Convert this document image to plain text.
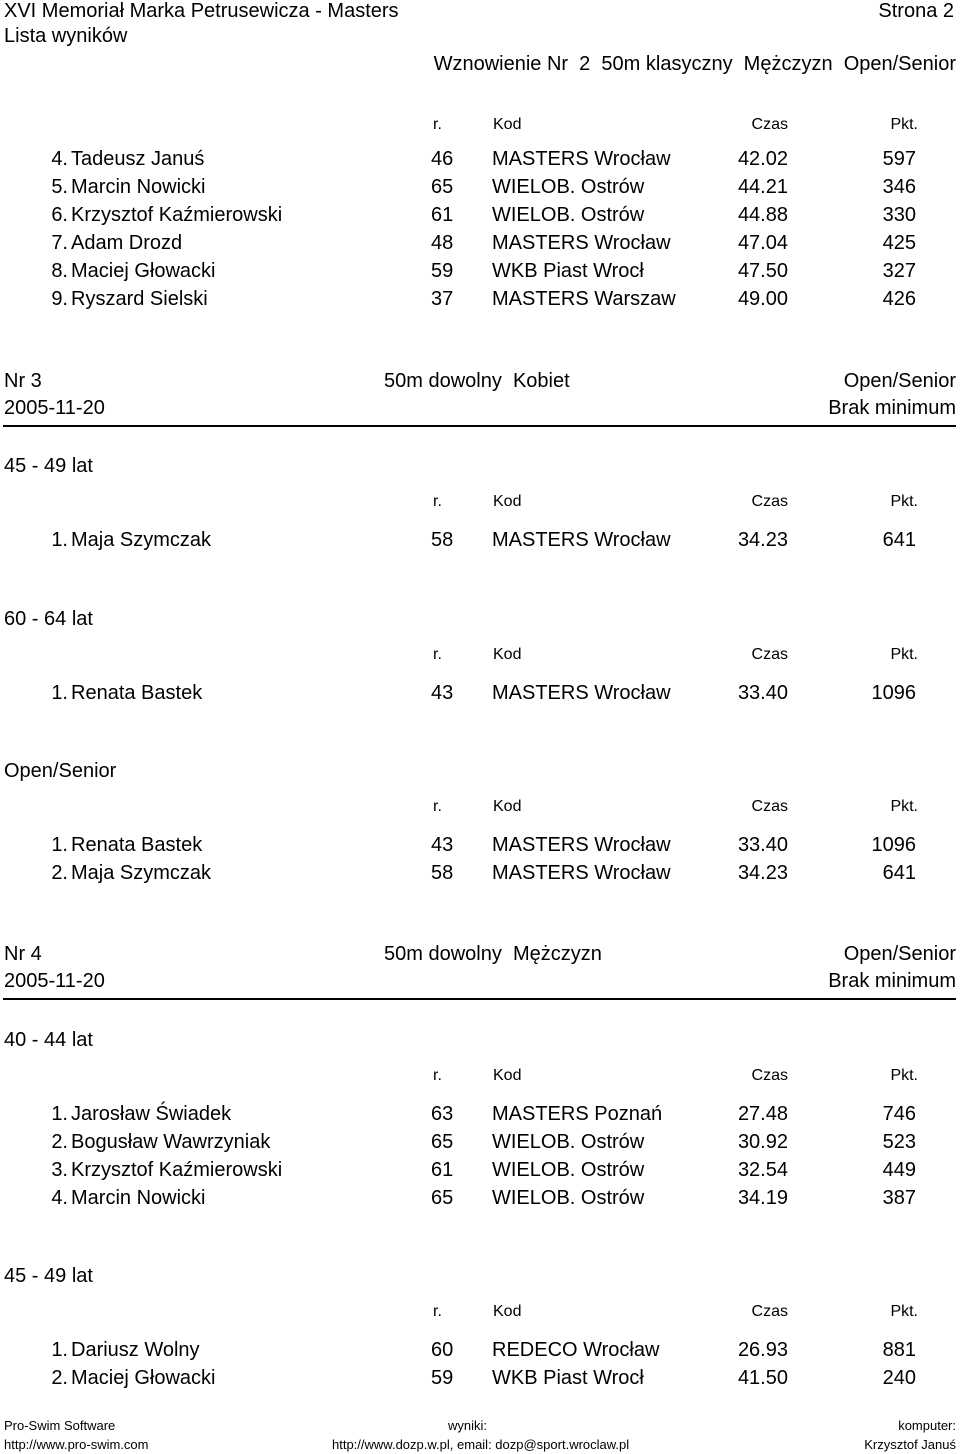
XVI Memoriał Marka Petrusewicza - Masters	Strona 2
Lista wyników
Wznowienie Nr  2  50m klasyczny  Mężczyzn  Open/Senior
r.	Kod	Czas	Pkt.
4. Tadeusz Januś	46 MASTERS Wrocław	42.02	597
5. Marcin Nowicki	65 WIELOB. Ostrów	44.21	346
6. Krzysztof Kaźmierowski	61 WIELOB. Ostrów	44.88	330
7. Adam Drozd	48 MASTERS Wrocław	47.04	425
8. Maciej Głowacki	59 WKB Piast Wrocł	47.50	327
9. Ryszard Sielski	37 MASTERS Warszaw	49.00	426
Nr 3	50m dowolny  Kobiet	Open/Senior
2005-11-20	Brak minimum
45 - 49 lat
r.	Kod	Czas	Pkt.
1. Maja Szymczak	58 MASTERS Wrocław	34.23	641
60 - 64 lat
r.	Kod	Czas	Pkt.
1. Renata Bastek	43 MASTERS Wrocław	33.40	1096
Open/Senior
r.	Kod	Czas	Pkt.
1. Renata Bastek	43 MASTERS Wrocław	33.40	1096
2. Maja Szymczak	58 MASTERS Wrocław	34.23	641
Nr 4	50m dowolny  Mężczyzn	Open/Senior
2005-11-20	Brak minimum
40 - 44 lat
r.	Kod	Czas	Pkt.
1. Jarosław Świadek	63 MASTERS Poznań	27.48	746
2. Bogusław Wawrzyniak	65 WIELOB. Ostrów	30.92	523
3. Krzysztof Kaźmierowski	61 WIELOB. Ostrów	32.54	449
4. Marcin Nowicki	65 WIELOB. Ostrów	34.19	387
45 - 49 lat
r.	Kod	Czas	Pkt.
1. Dariusz Wolny	60 REDECO Wrocław	26.93	881
2. Maciej Głowacki	59 WKB Piast Wrocł	41.50	240
Pro-Swim Software
http://www.pro-swim.com
wyniki:
http://www.dozp.w.pl, email: dozp@sport.wroclaw.pl
komputer:
Krzysztof Januś
